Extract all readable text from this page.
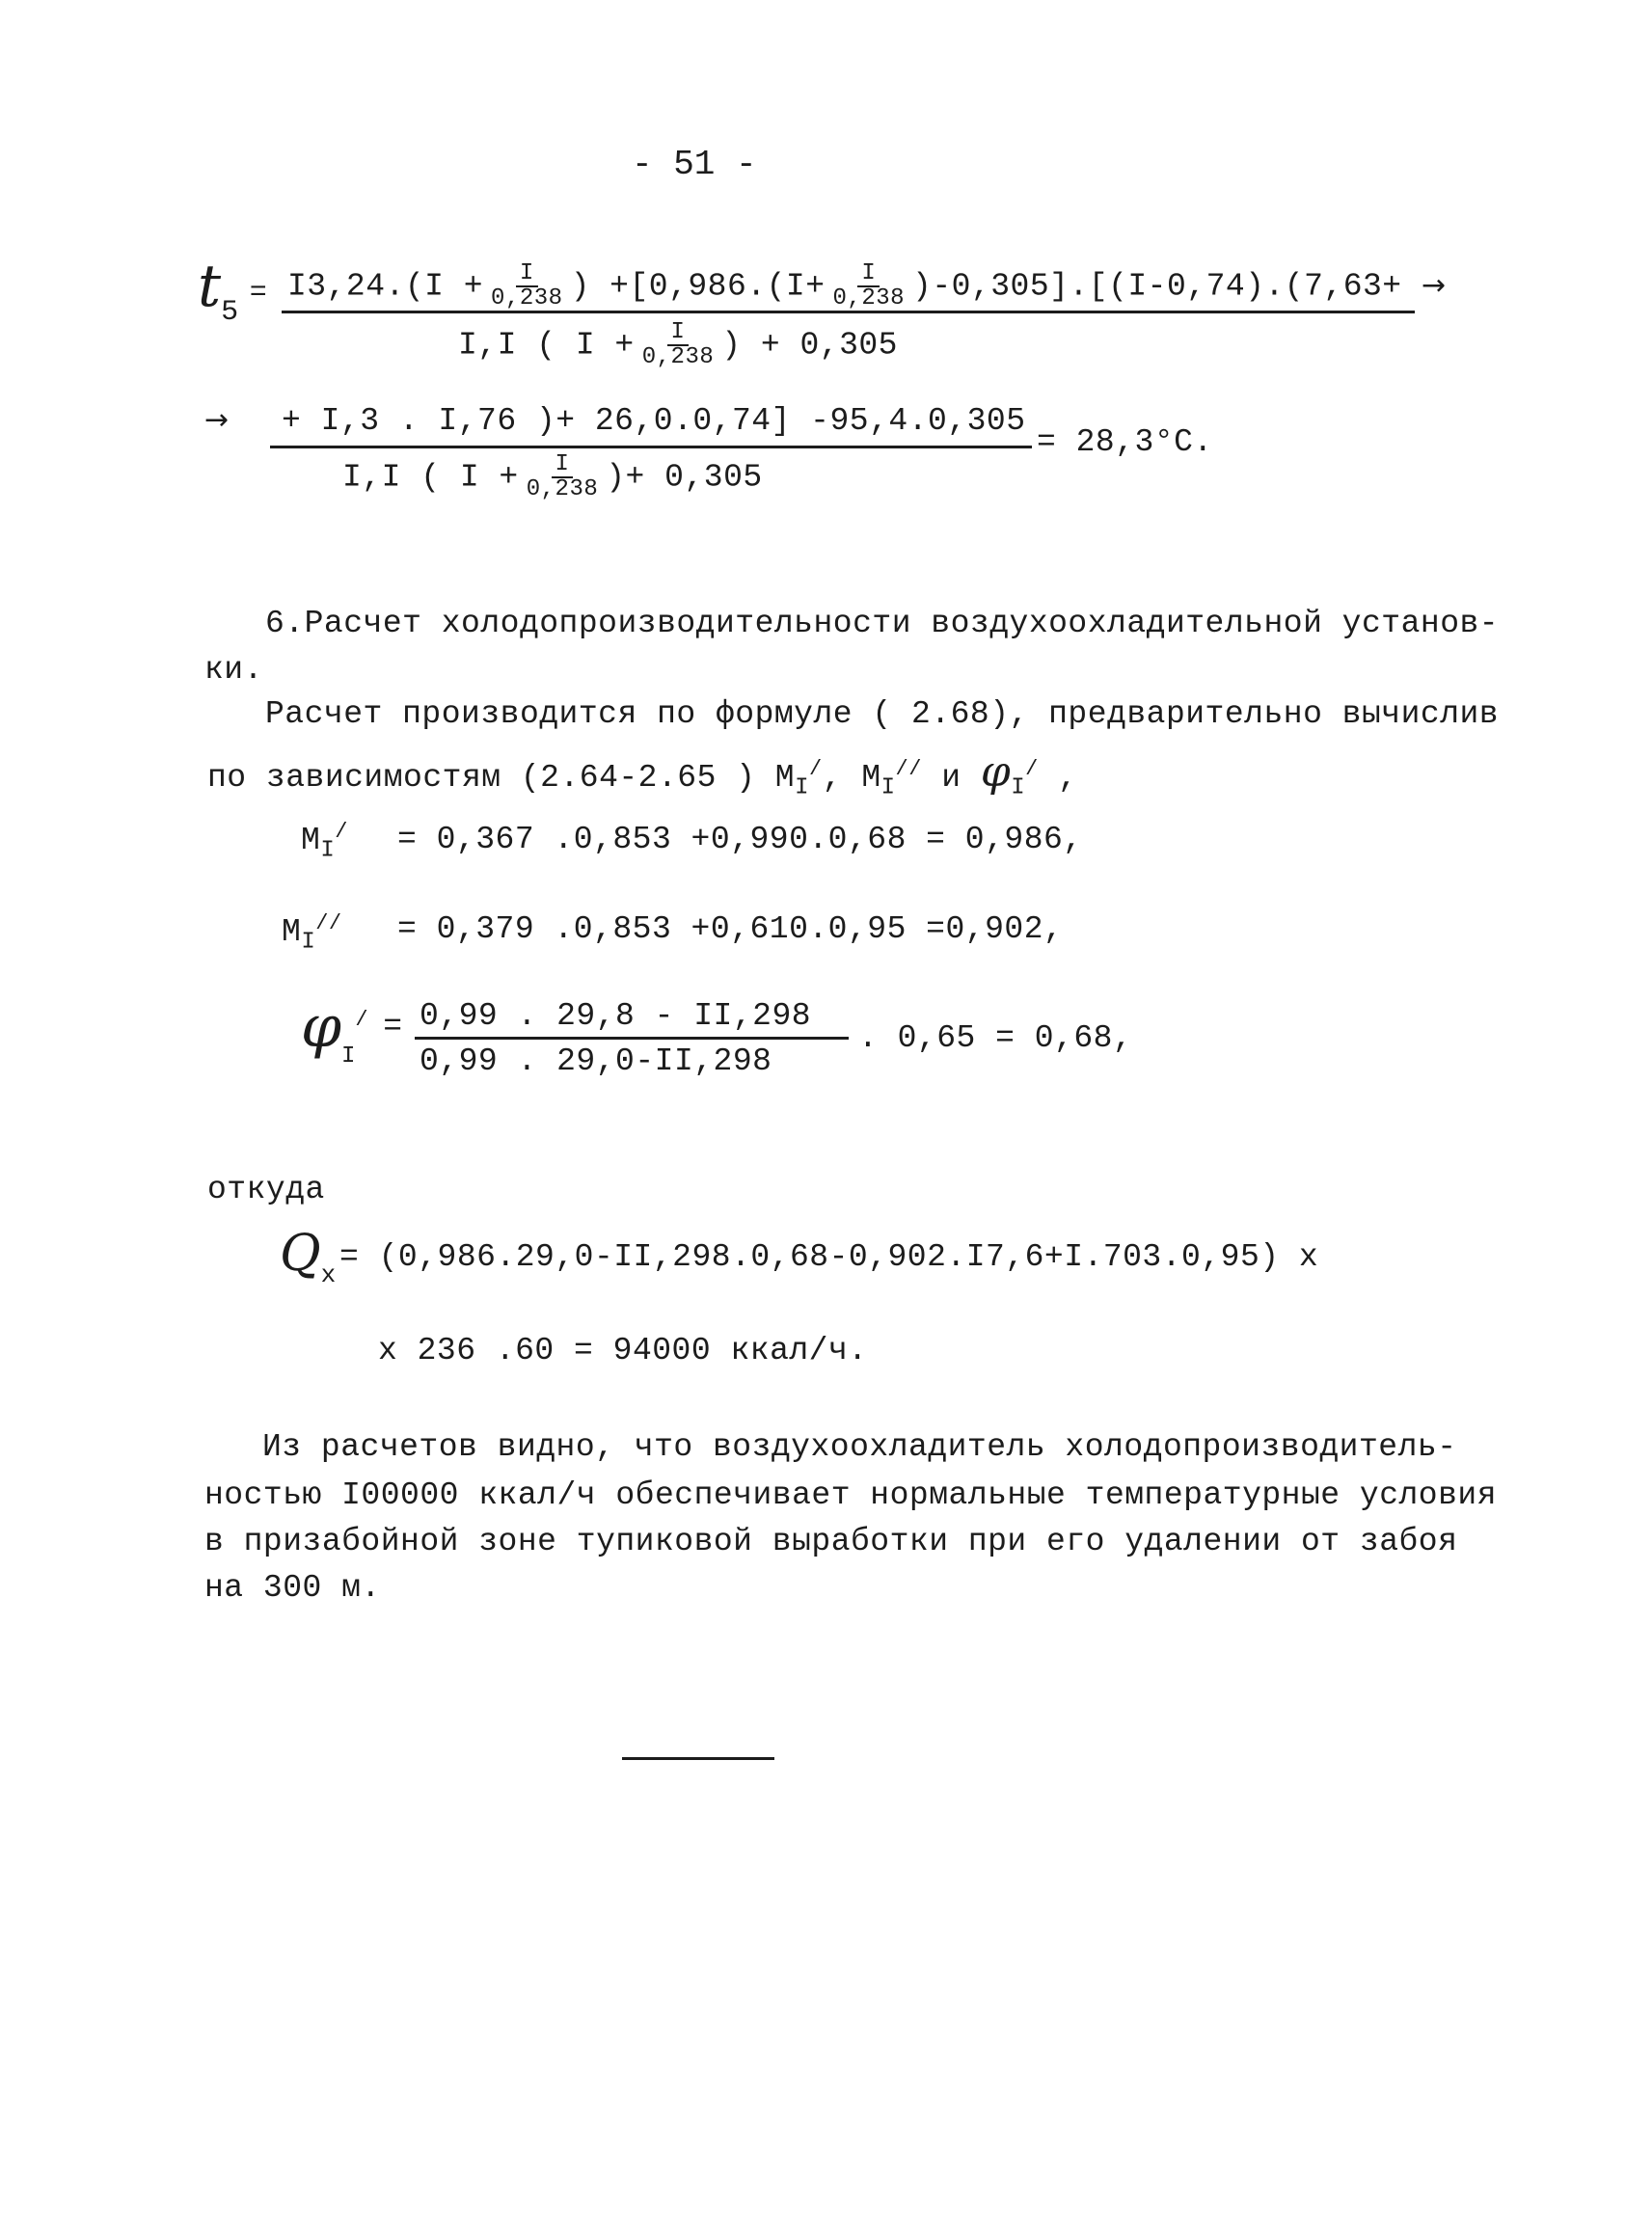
- 51 -
$t5 = I3,24.(I + \frac{I}{0,238}$ ) $+[0,986.(I+ \frac{I}{0,238} )-0,305].[(I-0,74).(7,63+$ →
I,I ( $I + \frac{I}{0,238}$ ) + 0,305
→ + I,3 . I,76 )+ 26,0.0,74] -95,4.0,305
I,I ( $I + \frac{I}{0,238}$ )+ 0,305
= 28,3°C.
6.Расчет холодопроизводительности воздухоохладительной установ-
ки.
Расчет производится по формуле ( 2.68), предварительно вычислив
по зависимостям (2.64-2.65 ) $M_I^/$, $M_I^{//}$ и $\varphi_I^/$ ,
$M_I^/ = 0,367$ .0,853 +0,990.0,68 = 0,986,
$M_I^{//} = 0,379$ .0,853 +0,610.0,95 =0,902,
φI/ = 0,99 . 29,8 - II,298
0,99 . 29,0-II,298
. 0,65 = 0,68,
откуда
Qx = (0,986.29,0-II,298.0,68-0,902.I7,6+I.703.0,95) x
x 236 .60 = 94000 ккал/ч.
Из расчетов видно, что воздухоохладитель холодопроизводитель-
ностью I00000 ккал/ч обеспечивает нормальные температурные условия
в призабойной зоне тупиковой выработки при его удалении от забоя
на 300 м.
